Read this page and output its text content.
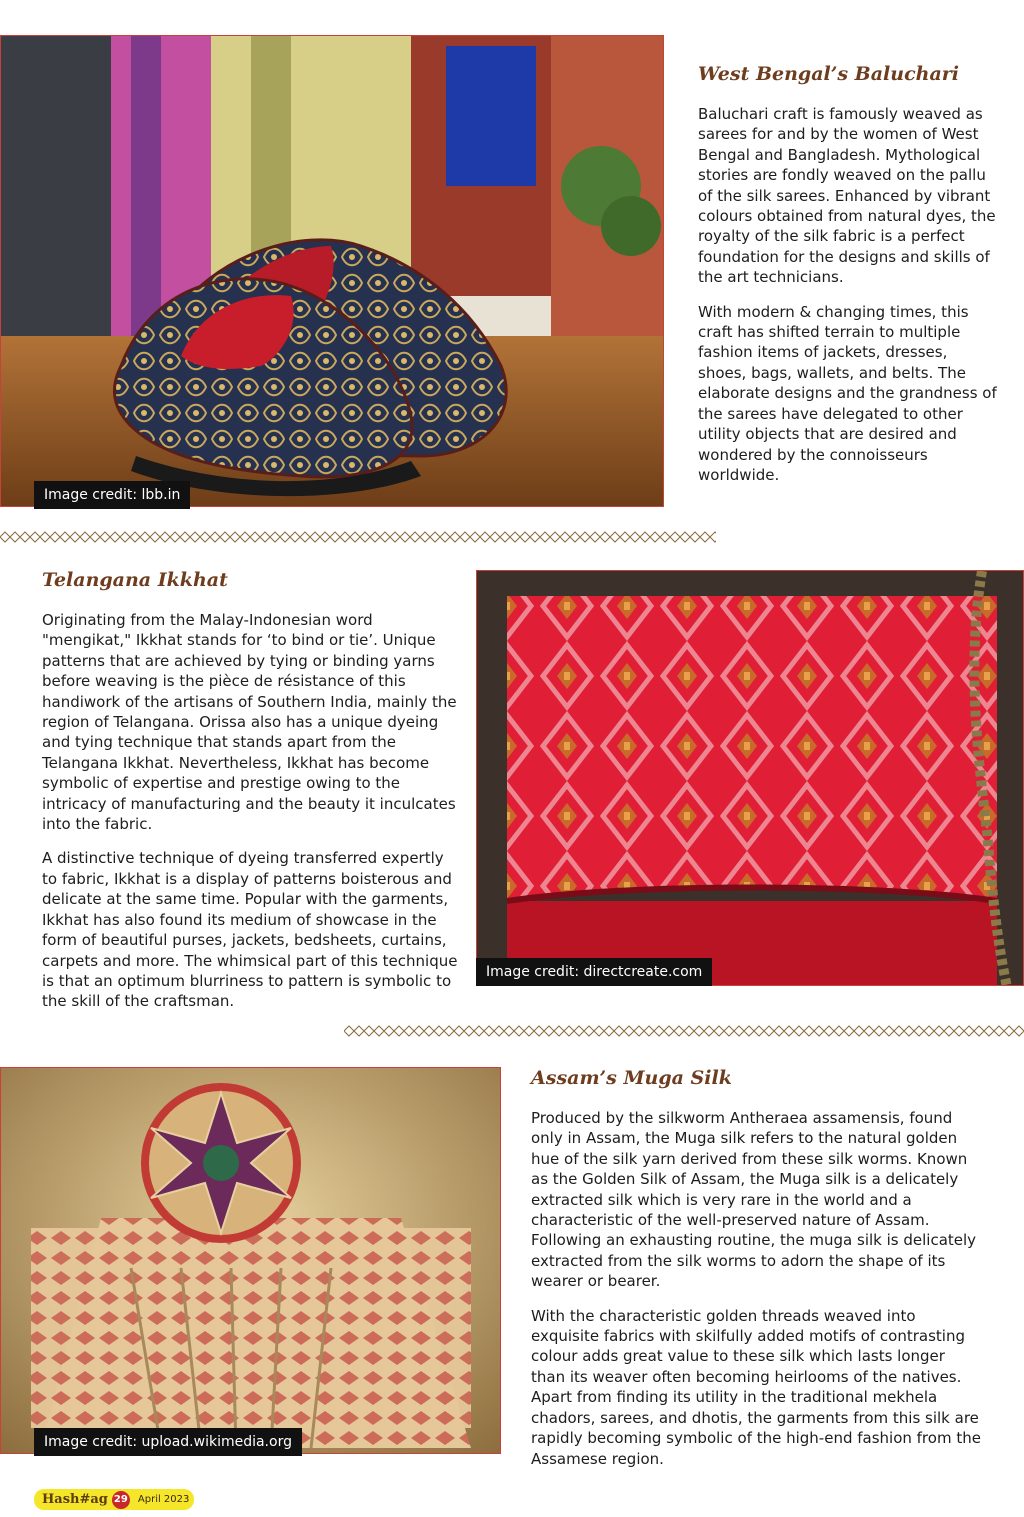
Image credit: lbb.in
West Bengal’s Baluchari

Baluchari craft is famously weaved as sarees for and by the women of West Bengal and Bangladesh. Mythological stories are fondly weaved on the pallu of the silk sarees. Enhanced by vibrant colours obtained from natural dyes, the royalty of the silk fabric is a perfect foundation for the designs and skills of the art technicians.

With modern & changing times, this craft has shifted terrain to multiple fashion items of jackets, dresses, shoes, bags, wallets, and belts. The elaborate designs and the grandness of the sarees have delegated to other utility objects that are desired and wondered by the connoisseurs worldwide.

Telangana Ikkhat

Originating from the Malay-Indonesian word "mengikat," Ikkhat stands for ‘to bind or tie’. Unique patterns that are achieved by tying or binding yarns before weaving is the pièce de résistance of this handiwork of the artisans of Southern India, mainly the region of Telangana. Orissa also has a unique dyeing and tying technique that stands apart from the Telangana Ikkhat. Nevertheless, Ikkhat has become symbolic of expertise and prestige owing to the intricacy of manufacturing and the beauty it inculcates into the fabric.

A distinctive technique of dyeing transferred expertly to fabric, Ikkhat is a display of patterns boisterous and delicate at the same time. Popular with the garments, Ikkhat has also found its medium of showcase in the form of beautiful purses, jackets, bedsheets, curtains, carpets and more. The whimsical part of this technique is that an optimum blurriness to pattern is symbolic to the skill of the craftsman.

Image credit: directcreate.com
Image credit: upload.wikimedia.org
Assam’s Muga Silk

Produced by the silkworm Antheraea assamensis, found only in Assam, the Muga silk refers to the natural golden hue of the silk yarn derived from these silk worms. Known as the Golden Silk of Assam, the Muga silk is a delicately extracted silk which is very rare in the world and a characteristic of the well-preserved nature of Assam. Following an exhausting routine, the muga silk is delicately extracted from the silk worms to adorn the shape of its wearer or bearer.

With the characteristic golden threads weaved into exquisite fabrics with skilfully added motifs of contrasting colour adds great value to these silk which lasts longer than its weaver often becoming heirlooms of the natives. Apart from finding its utility in the traditional mekhela chadors, sarees, and dhotis, the garments from this silk are rapidly becoming symbolic of the high-end fashion from the Assamese region.

Hash#ag 29 April 2023
